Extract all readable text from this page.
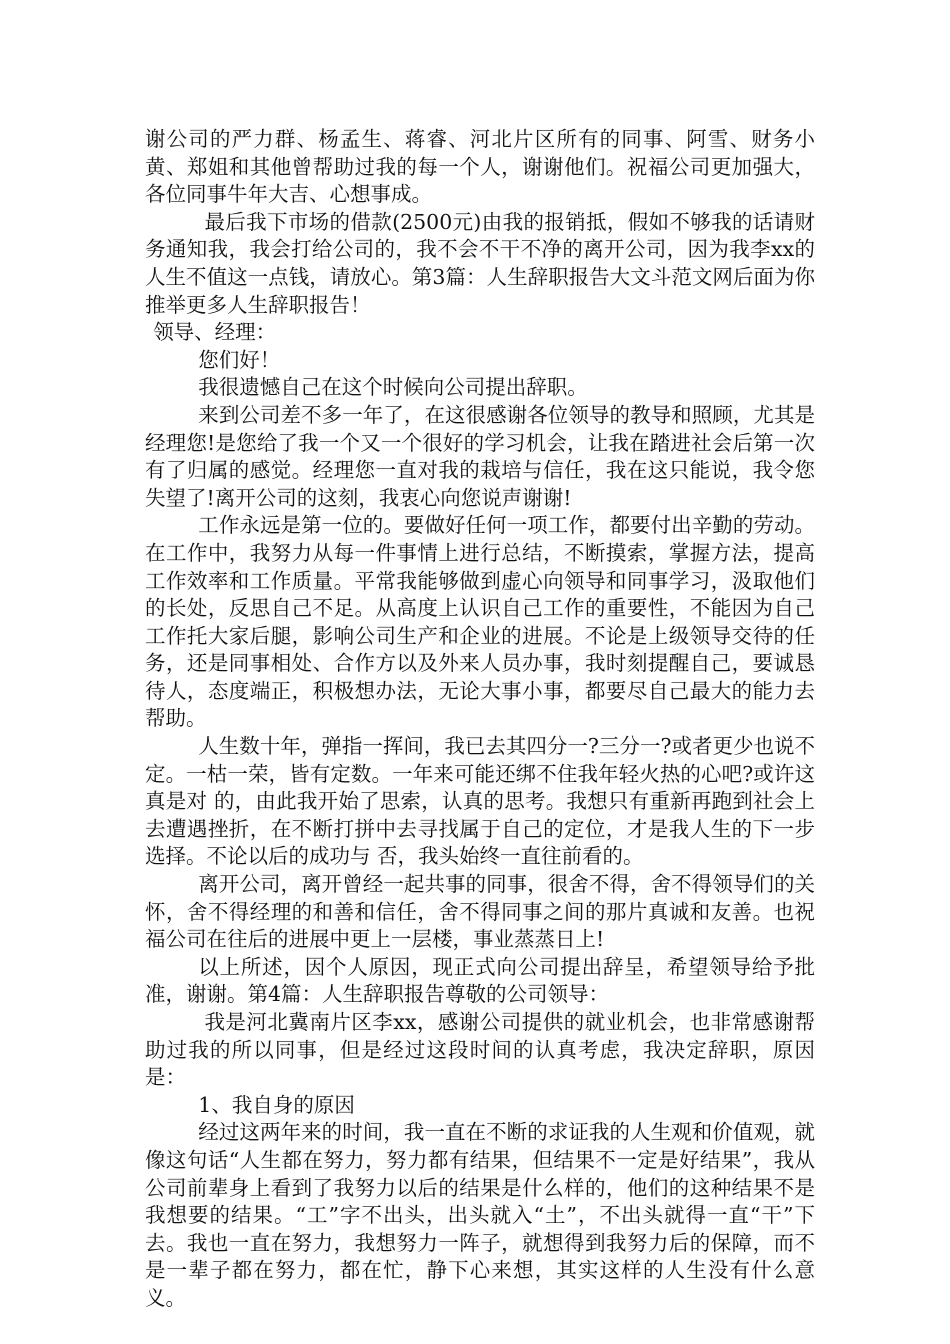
谢公司的严力群、杨孟生、蒋睿、河北片区所有的同事、阿雪、财务小黄、郑姐和其他曾帮助过我的每一个人，谢谢他们。祝福公司更加强大，各位同事牛年大吉、心想事成。

最后我下市场的借款(2500元)由我的报销抵，假如不够我的话请财务通知我，我会打给公司的，我不会不干不净的离开公司，因为我李xx的人生不值这一点钱，请放心。第3篇：人生辞职报告大文斗范文网后面为你推举更多人生辞职报告！

领导、经理：

您们好！

我很遗憾自己在这个时候向公司提出辞职。

来到公司差不多一年了，在这很感谢各位领导的教导和照顾，尤其是经理您!是您给了我一个又一个很好的学习机会，让我在踏进社会后第一次有了归属的感觉。经理您一直对我的栽培与信任，我在这只能说，我令您失望了!离开公司的这刻，我衷心向您说声谢谢!

工作永远是第一位的。要做好任何一项工作，都要付出辛勤的劳动。在工作中，我努力从每一件事情上进行总结，不断摸索，掌握方法，提高工作效率和工作质量。平常我能够做到虚心向领导和同事学习，汲取他们的长处，反思自己不足。从高度上认识自己工作的重要性，不能因为自己工作托大家后腿，影响公司生产和企业的进展。不论是上级领导交待的任务，还是同事相处、合作方以及外来人员办事，我时刻提醒自己，要诚恳待人，态度端正，积极想办法，无论大事小事，都要尽自己最大的能力去帮助。

人生数十年，弹指一挥间，我已去其四分一?三分一?或者更少也说不定。一枯一荣，皆有定数。一年来可能还绑不住我年轻火热的心吧?或许这真是对 的，由此我开始了思索，认真的思考。我想只有重新再跑到社会上去遭遇挫折，在不断打拼中去寻找属于自己的定位，才是我人生的下一步选择。不论以后的成功与 否，我头始终一直往前看的。

离开公司，离开曾经一起共事的同事，很舍不得，舍不得领导们的关怀，舍不得经理的和善和信任，舍不得同事之间的那片真诚和友善。也祝福公司在往后的进展中更上一层楼，事业蒸蒸日上!

以上所述，因个人原因，现正式向公司提出辞呈，希望领导给予批准，谢谢。第4篇：人生辞职报告尊敬的公司领导：

我是河北冀南片区李xx，感谢公司提供的就业机会，也非常感谢帮助过我的所以同事，但是经过这段时间的认真考虑，我决定辞职，原因是：

1、我自身的原因

经过这两年来的时间，我一直在不断的求证我的人生观和价值观，就像这句话“人生都在努力，努力都有结果，但结果不一定是好结果”，我从公司前辈身上看到了我努力以后的结果是什么样的，他们的这种结果不是我想要的结果。“工”字不出头，出头就入“土”，不出头就得一直“干”下去。我也一直在努力，我想努力一阵子，就想得到我努力后的保障，而不是一辈子都在努力，都在忙，静下心来想，其实这样的人生没有什么意义。
